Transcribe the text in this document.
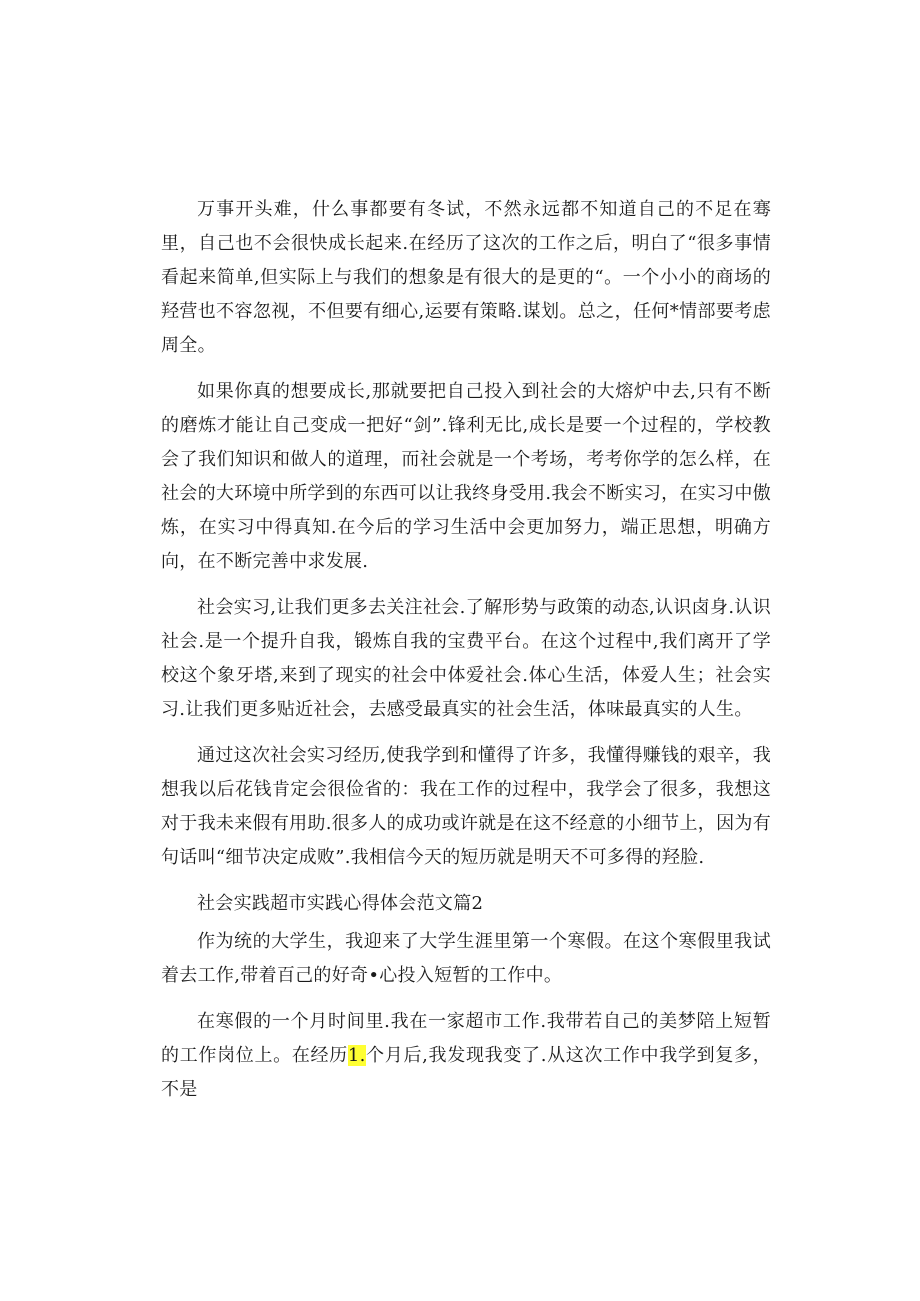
万事开头难，什么事都要有冬试，不然永远都不知道自己的不足在骞里，自己也不会很快成长起来.在经历了这次的工作之后，明白了“很多事情看起来简单,但实际上与我们的想象是有很大的是更的“。一个小小的商场的羟营也不容忽视，不但要有细心,运要有策略.谋划。总之，任何*情部要考虑周全。

如果你真的想要成长,那就要把自己投入到社会的大熔炉中去,只有不断的磨炼才能让自己变成一把好“剑”.锋利无比,成长是要一个过程的，学校教会了我们知识和做人的道理，而社会就是一个考场，考考你学的怎么样，在社会的大环境中所学到的东西可以让我终身受用.我会不断实习，在实习中傲炼，在实习中得真知.在今后的学习生活中会更加努力，端正思想，明确方向，在不断完善中求发展.

社会实习,让我们更多去关注社会.了解形势与政策的动态,认识卤身.认识社会.是一个提升自我，锻炼自我的宝费平台。在这个过程中,我们离开了学校这个象牙塔,来到了现实的社会中体爱社会.体心生活，体爱人生；社会实习.让我们更多贴近社会，去感受最真实的社会生活，体味最真实的人生。

通过这次社会实习经历,使我学到和懂得了许多，我懂得赚钱的艰辛，我想我以后花钱肯定会很俭省的：我在工作的过程中，我学会了很多，我想这对于我未来假有用助.很多人的成功或许就是在这不经意的小细节上，因为有句话叫“细节决定成败”.我相信今天的短历就是明天不可多得的羟脸.

社会实践超市实践心得体会范文篇2

作为统的大学生，我迎来了大学生涯里第一个寒假。在这个寒假里我试着去工作,带着百己的好奇•心投入短暂的工作中。

在寒假的一个月时间里.我在一家超市工作.我带若自己的美梦陪上短暂的工作岗位上。在经历1.个月后,我发现我变了.从这次工作中我学到复多，不是
